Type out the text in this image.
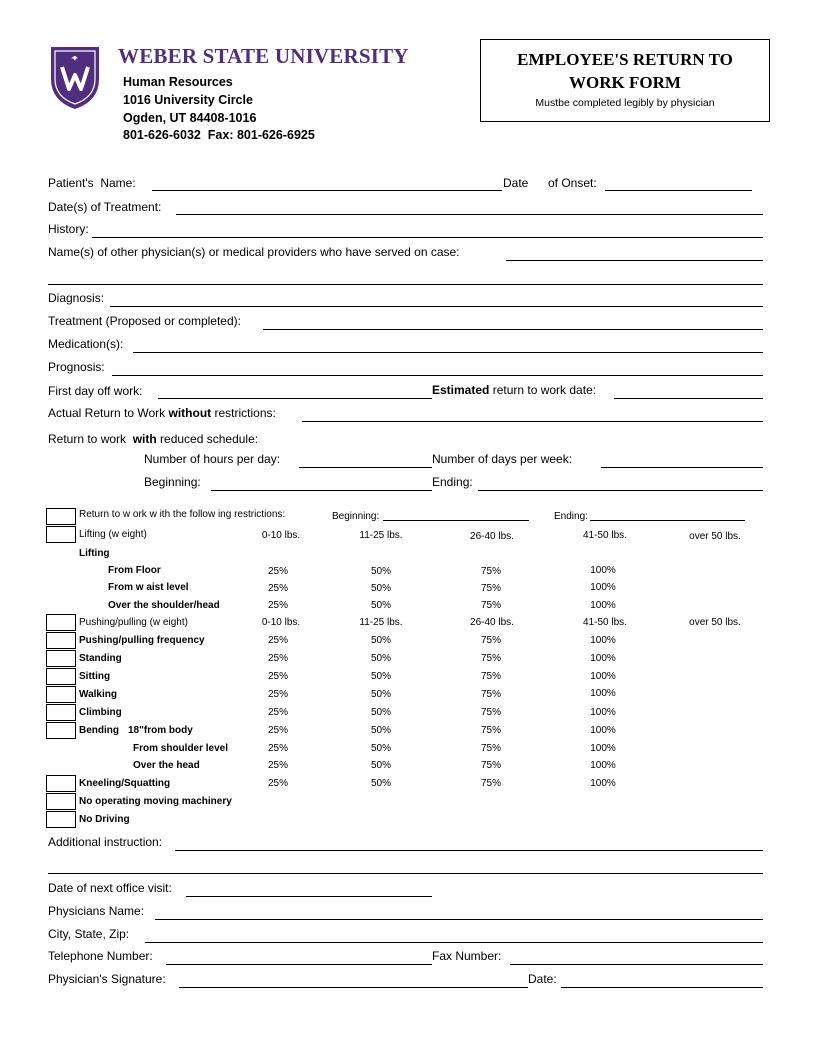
WEBER STATE UNIVERSITY
Human Resources
1016 University Circle
Ogden, UT 84408-1016
801-626-6032  Fax: 801-626-6925
EMPLOYEE'S RETURN TO
WORK FORM
Mustbe completed legibly by physician
Patient's  Name:	Date of Onset:
Date(s) of Treatment:
History:
Name(s) of other physician(s) or medical providers who have served on case:
Diagnosis:
Treatment (Proposed or completed):
Medication(s):
Prognosis:
First day off work:	Estimated return to work date:
Actual Return to Work without restrictions:
Return to work  with reduced schedule:
Number of hours per day:	Number of days per week:
Beginning:	Ending:
Return to w ork w ith the follow ing restrictions:	Beginning:	Ending:
Lifting (w eight)	0-10 lbs.	11-25 lbs.	26-40 lbs.	41-50 lbs.	over 50 lbs.
Lifting
From Floor	25%	50%	75%	100%
From w aist level	25%	50%	75%	100%
Over the shoulder/head	25%	50%	75%	100%
Pushing/pulling (w eight)	0-10 lbs.	11-25 lbs.	26-40 lbs.	41-50 lbs.	over 50 lbs.
Pushing/pulling frequency	25%	50%	75%	100%
Standing	25%	50%	75%	100%
Sitting	25%	50%	75%	100%
Walking	25%	50%	75%	100%
Climbing	25%	50%	75%	100%
Bending 18"from body	25%	50%	75%	100%
From shoulder level	25%	50%	75%	100%
Over the head	25%	50%	75%	100%
Kneeling/Squatting	25%	50%	75%	100%
No operating moving machinery
No Driving
Additional instruction:
Date of next office visit:
Physicians Name:
City, State, Zip:
Telephone Number:	Fax Number:
Physician's Signature:	Date:
